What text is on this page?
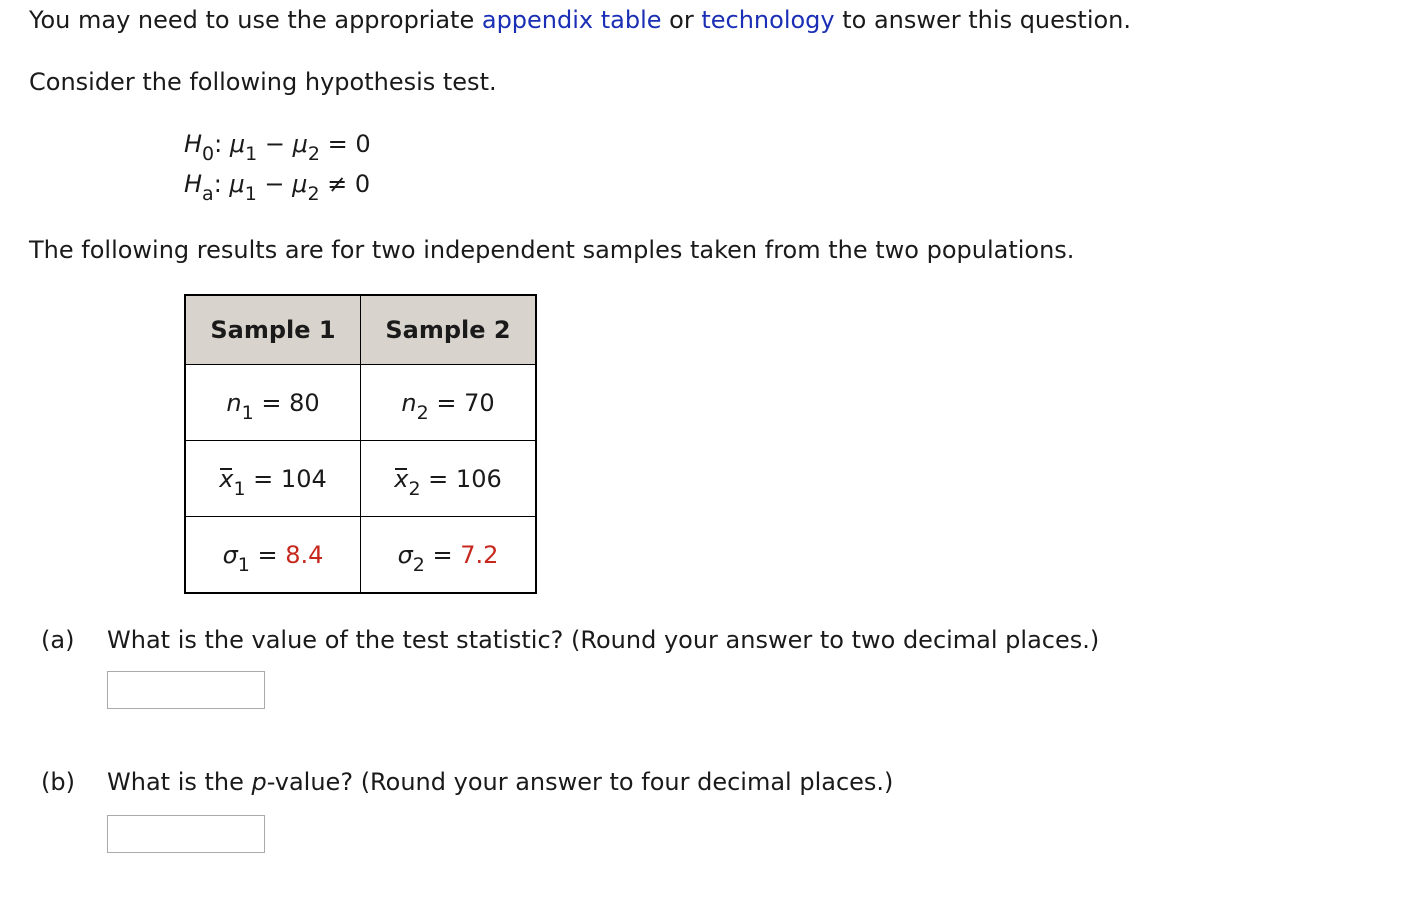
You may need to use the appropriate appendix table or technology to answer this question.
Consider the following hypothesis test.
$H_0$: $\mu_1 - \mu_2 = 0$
$H_a$: $\mu_1 - \mu_2 \ne 0$
The following results are for two independent samples taken from the two populations.
Sample 1	Sample 2
$n_1 = 80$	$n_2 = 70$
$x_1 = 104$	$x_2 = 106$
$\sigma_1 = 8.4$	$\sigma_2 = 7.2$
(a) What is the value of the test statistic? (Round your answer to two decimal places.)
(b) What is the p-value? (Round your answer to four decimal places.)
